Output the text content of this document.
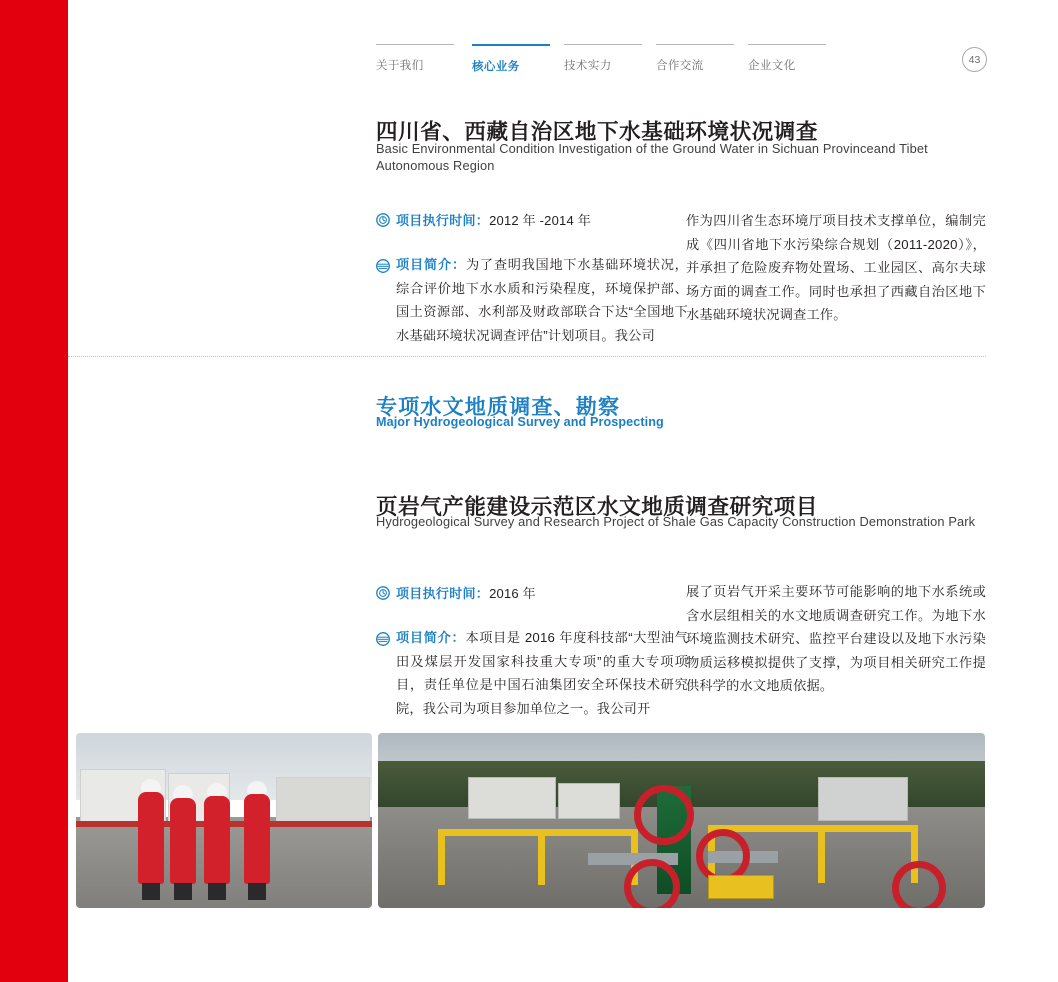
关于我们	核心业务	技术实力	合作交流	企业文化
43
四川省、西藏自治区地下水基础环境状况调查
Basic Environmental Condition Investigation of the Ground Water in Sichuan Provinceand Tibet Autonomous Region
项目执行时间：2012 年 -2014 年
项目简介：为了查明我国地下水基础环境状况，综合评价地下水水质和污染程度，环境保护部、国土资源部、水利部及财政部联合下达“全国地下水基础环境状况调查评估”计划项目。我公司
作为四川省生态环境厅项目技术支撑单位，编制完成《四川省地下水污染综合规划（2011-2020）》，并承担了危险废弃物处置场、工业园区、高尔夫球场方面的调查工作。同时也承担了西藏自治区地下水基础环境状况调查工作。
专项水文地质调查、勘察
Major Hydrogeological Survey and Prospecting
页岩气产能建设示范区水文地质调查研究项目
Hydrogeological Survey and Research Project of Shale Gas Capacity Construction Demonstration Park
项目执行时间：2016 年
项目简介：本项目是 2016 年度科技部“大型油气田及煤层开发国家科技重大专项”的重大专项项目，责任单位是中国石油集团安全环保技术研究院，我公司为项目参加单位之一。我公司开
展了页岩气开采主要环节可能影响的地下水系统或含水层组相关的水文地质调查研究工作。为地下水环境监测技术研究、监控平台建设以及地下水污染物质运移模拟提供了支撑，为项目相关研究工作提供科学的水文地质依据。
